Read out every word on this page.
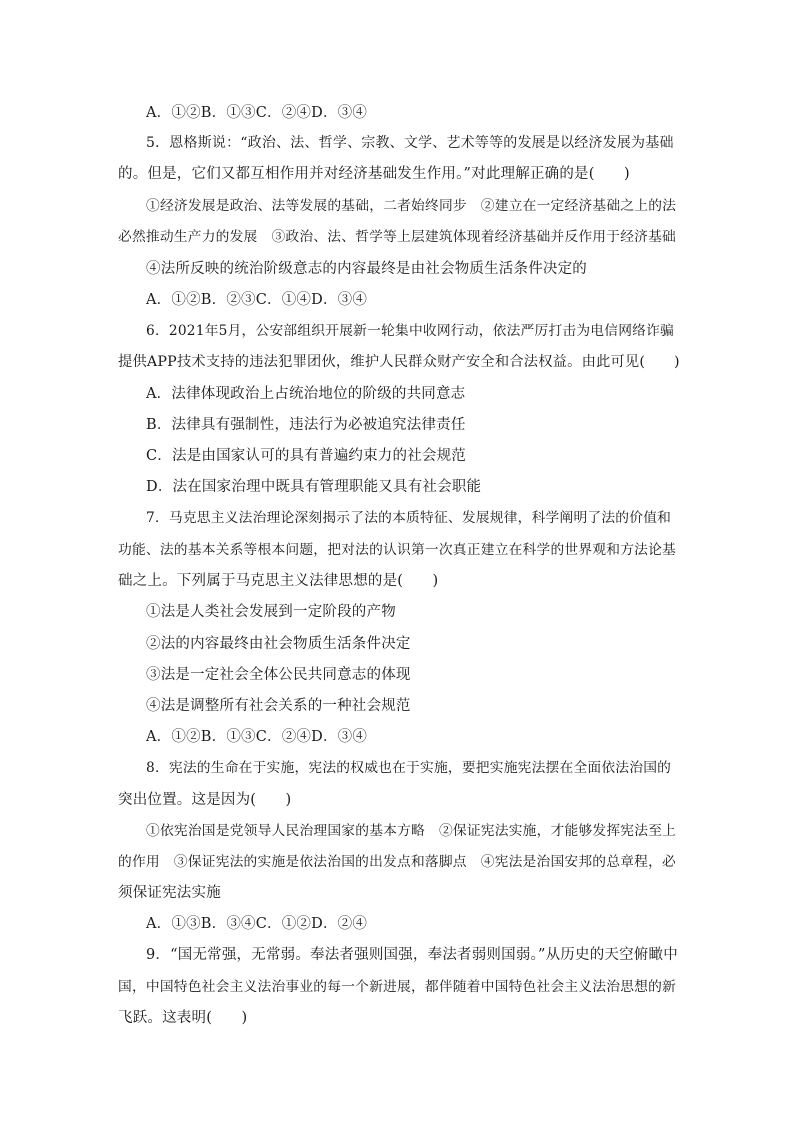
A．①②B．①③C．②④D．③④
5．恩格斯说：“政治、法、哲学、宗教、文学、艺术等等的发展是以经济发展为基础
的。但是，它们又都互相作用并对经济基础发生作用。”对此理解正确的是(　　)
①经济发展是政治、法等发展的基础，二者始终同步　②建立在一定经济基础之上的法
必然推动生产力的发展　③政治、法、哲学等上层建筑体现着经济基础并反作用于经济基础
④法所反映的统治阶级意志的内容最终是由社会物质生活条件决定的
A．①②B．②③C．①④D．③④
6．2021年5月，公安部组织开展新一轮集中收网行动，依法严厉打击为电信网络诈骗
提供APP技术支持的违法犯罪团伙，维护人民群众财产安全和合法权益。由此可见(　　)
A．法律体现政治上占统治地位的阶级的共同意志
B．法律具有强制性，违法行为必被追究法律责任
C．法是由国家认可的具有普遍约束力的社会规范
D．法在国家治理中既具有管理职能又具有社会职能
7．马克思主义法治理论深刻揭示了法的本质特征、发展规律，科学阐明了法的价值和
功能、法的基本关系等根本问题，把对法的认识第一次真正建立在科学的世界观和方法论基
础之上。下列属于马克思主义法律思想的是(　　)
①法是人类社会发展到一定阶段的产物
②法的内容最终由社会物质生活条件决定
③法是一定社会全体公民共同意志的体现
④法是调整所有社会关系的一种社会规范
A．①②B．①③C．②④D．③④
8．宪法的生命在于实施，宪法的权威也在于实施，要把实施宪法摆在全面依法治国的
突出位置。这是因为(　　)
①依宪治国是党领导人民治理国家的基本方略　②保证宪法实施，才能够发挥宪法至上
的作用　③保证宪法的实施是依法治国的出发点和落脚点　④宪法是治国安邦的总章程，必
须保证宪法实施
A．①③B．③④C．①②D．②④
9．“国无常强，无常弱。奉法者强则国强，奉法者弱则国弱。”从历史的天空俯瞰中
国，中国特色社会主义法治事业的每一个新进展，都伴随着中国特色社会主义法治思想的新
飞跃。这表明(　　)
